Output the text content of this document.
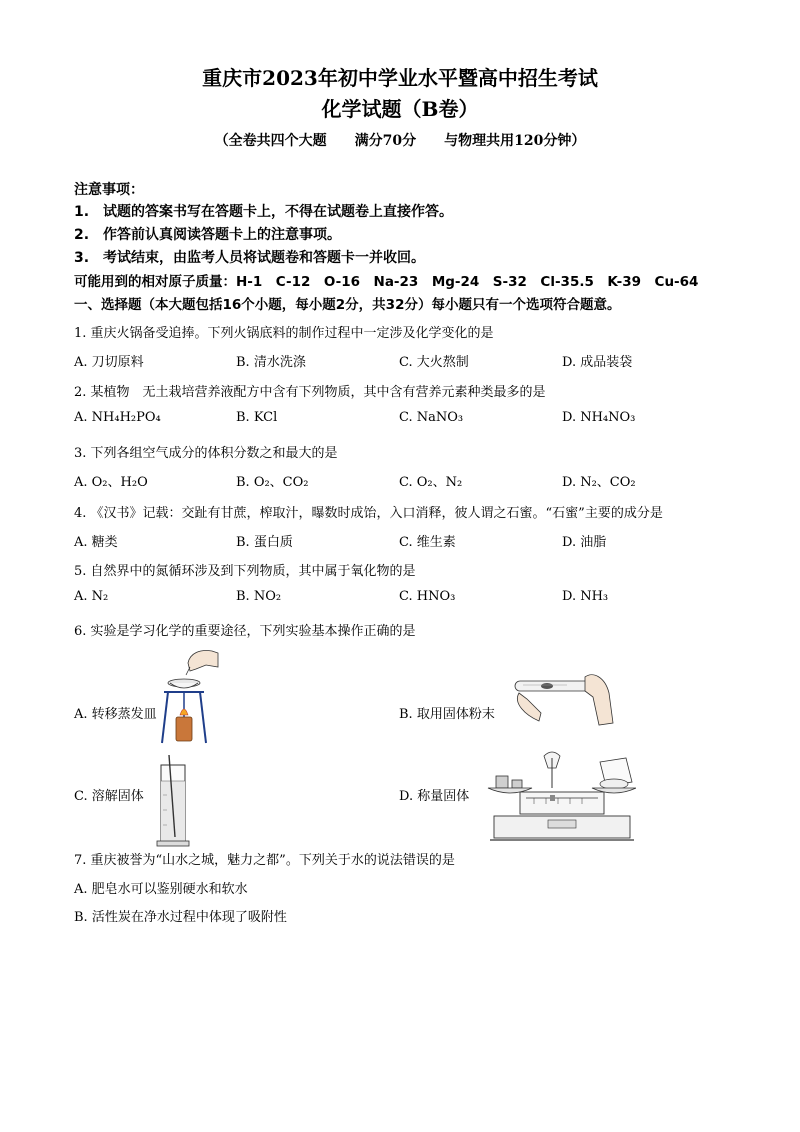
重庆市2023年初中学业水平暨高中招生考试
化学试题（B卷）
（全卷共四个大题　　满分70分　　与物理共用120分钟）
注意事项：
1.　试题的答案书写在答题卡上，不得在试题卷上直接作答。
2.　作答前认真阅读答题卡上的注意事项。
3.　考试结束，由监考人员将试题卷和答题卡一并收回。
可能用到的相对原子质量：H-1　C-12　O-16　Na-23　Mg-24　S-32　Cl-35.5　K-39　Cu-64
一、选择题（本大题包括16个小题，每小题2分，共32分）每小题只有一个选项符合题意。
1. 重庆火锅备受追捧。下列火锅底料的制作过程中一定涉及化学变化的是
A. 刀切原料	B. 清水洗涤	C. 大火熬制	D. 成品装袋
2. 某植物　无土栽培营养液配方中含有下列物质，其中含有营养元素种类最多的是
A. NH₄H₂PO₄	B. KCl	C. NaNO₃	D. NH₄NO₃
3. 下列各组空气成分的体积分数之和最大的是
A. O₂、H₂O	B. O₂、CO₂	C. O₂、N₂	D. N₂、CO₂
4. 《汉书》记载：交趾有甘蔗，榨取汁，曝数时成饴，入口消释，彼人谓之石蜜。“石蜜”主要的成分是
A. 糖类	B. 蛋白质	C. 维生素	D. 油脂
5. 自然界中的氮循环涉及到下列物质，其中属于氧化物的是
A. N₂	B. NO₂	C. HNO₃	D. NH₃
6. 实验是学习化学的重要途径，下列实验基本操作正确的是
A. 转移蒸发皿	B. 取用固体粉末
C. 溶解固体	D. 称量固体
7. 重庆被誉为“山水之城，魅力之都”。下列关于水的说法错误的是
A. 肥皂水可以鉴别硬水和软水
B. 活性炭在净水过程中体现了吸附性
